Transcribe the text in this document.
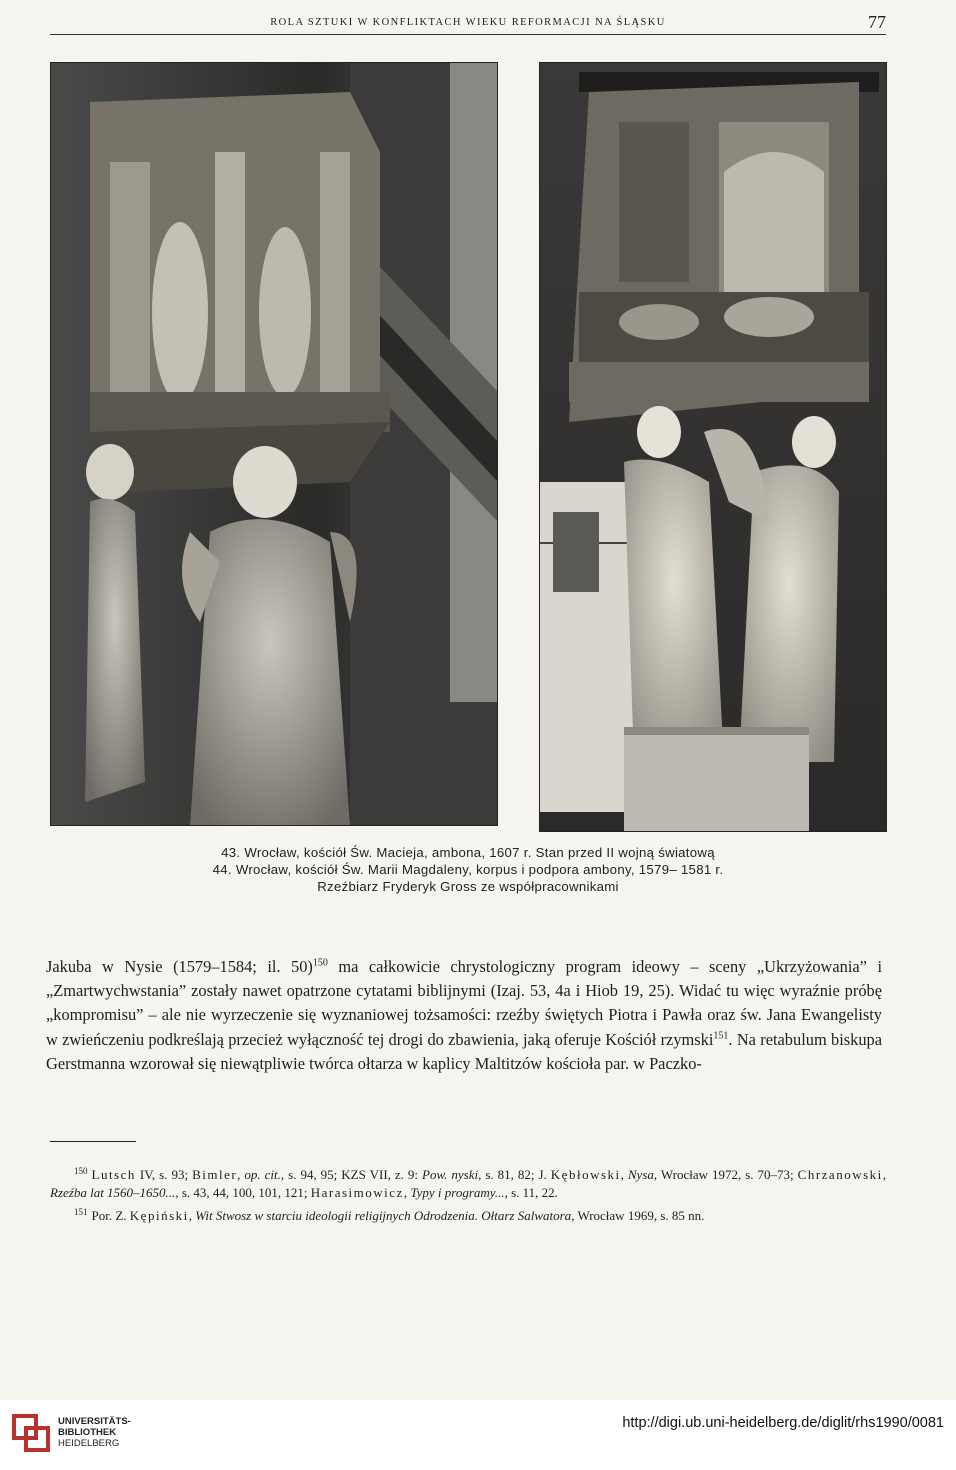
ROLA SZTUKI W KONFLIKTACH WIEKU REFORMACJI NA ŚLĄSKU	77
43. Wrocław, kościół Św. Macieja, ambona, 1607 r. Stan przed II wojną światową
44. Wrocław, kościół Św. Marii Magdaleny, korpus i podpora ambony, 1579– 1581 r.
Rzeźbiarz Fryderyk Gross ze współpracownikami
Jakuba w Nysie (1579–1584; il. 50)$^{150}$ ma całkowicie chrystologiczny program ideowy – sceny „Ukrzyżowania” i „Zmartwychwstania” zostały nawet opatrzone cytatami biblijnymi (Izaj. 53, 4a i Hiob 19, 25). Widać tu więc wyraźnie próbę „kompromisu” – ale nie wyrzeczenie się wyznaniowej tożsamości: rzeźby świętych Piotra i Pawła oraz św. Jana Ewangelisty w zwieńczeniu podkreślają przecież wyłączność tej drogi do zbawienia, jaką oferuje Kościół rzymski$^{151}$. Na retabulum biskupa Gerstmanna wzorował się niewątpliwie twórca ołtarza w kaplicy Maltitzów kościoła par. w Paczko-

$^{150}$ Lutsch IV, s. 93; Bimler, op. cit., s. 94, 95; KZS VII, z. 9: Pow. nyski, s. 81, 82; J. Kębłowski, Nysa, Wrocław 1972, s. 70–73; Chrzanowski, Rzeźba lat 1560–1650..., s. 43, 44, 100, 101, 121; Harasimowicz, Typy i programy..., s. 11, 22.

$^{151}$ Por. Z. Kępiński, Wit Stwosz w starciu ideologii religijnych Odrodzenia. Ołtarz Salwatora, Wrocław 1969, s. 85 nn.

UNIVERSITÄTS-
BIBLIOTHEK
HEIDELBERG
http://digi.ub.uni-heidelberg.de/diglit/rhs1990/0081
